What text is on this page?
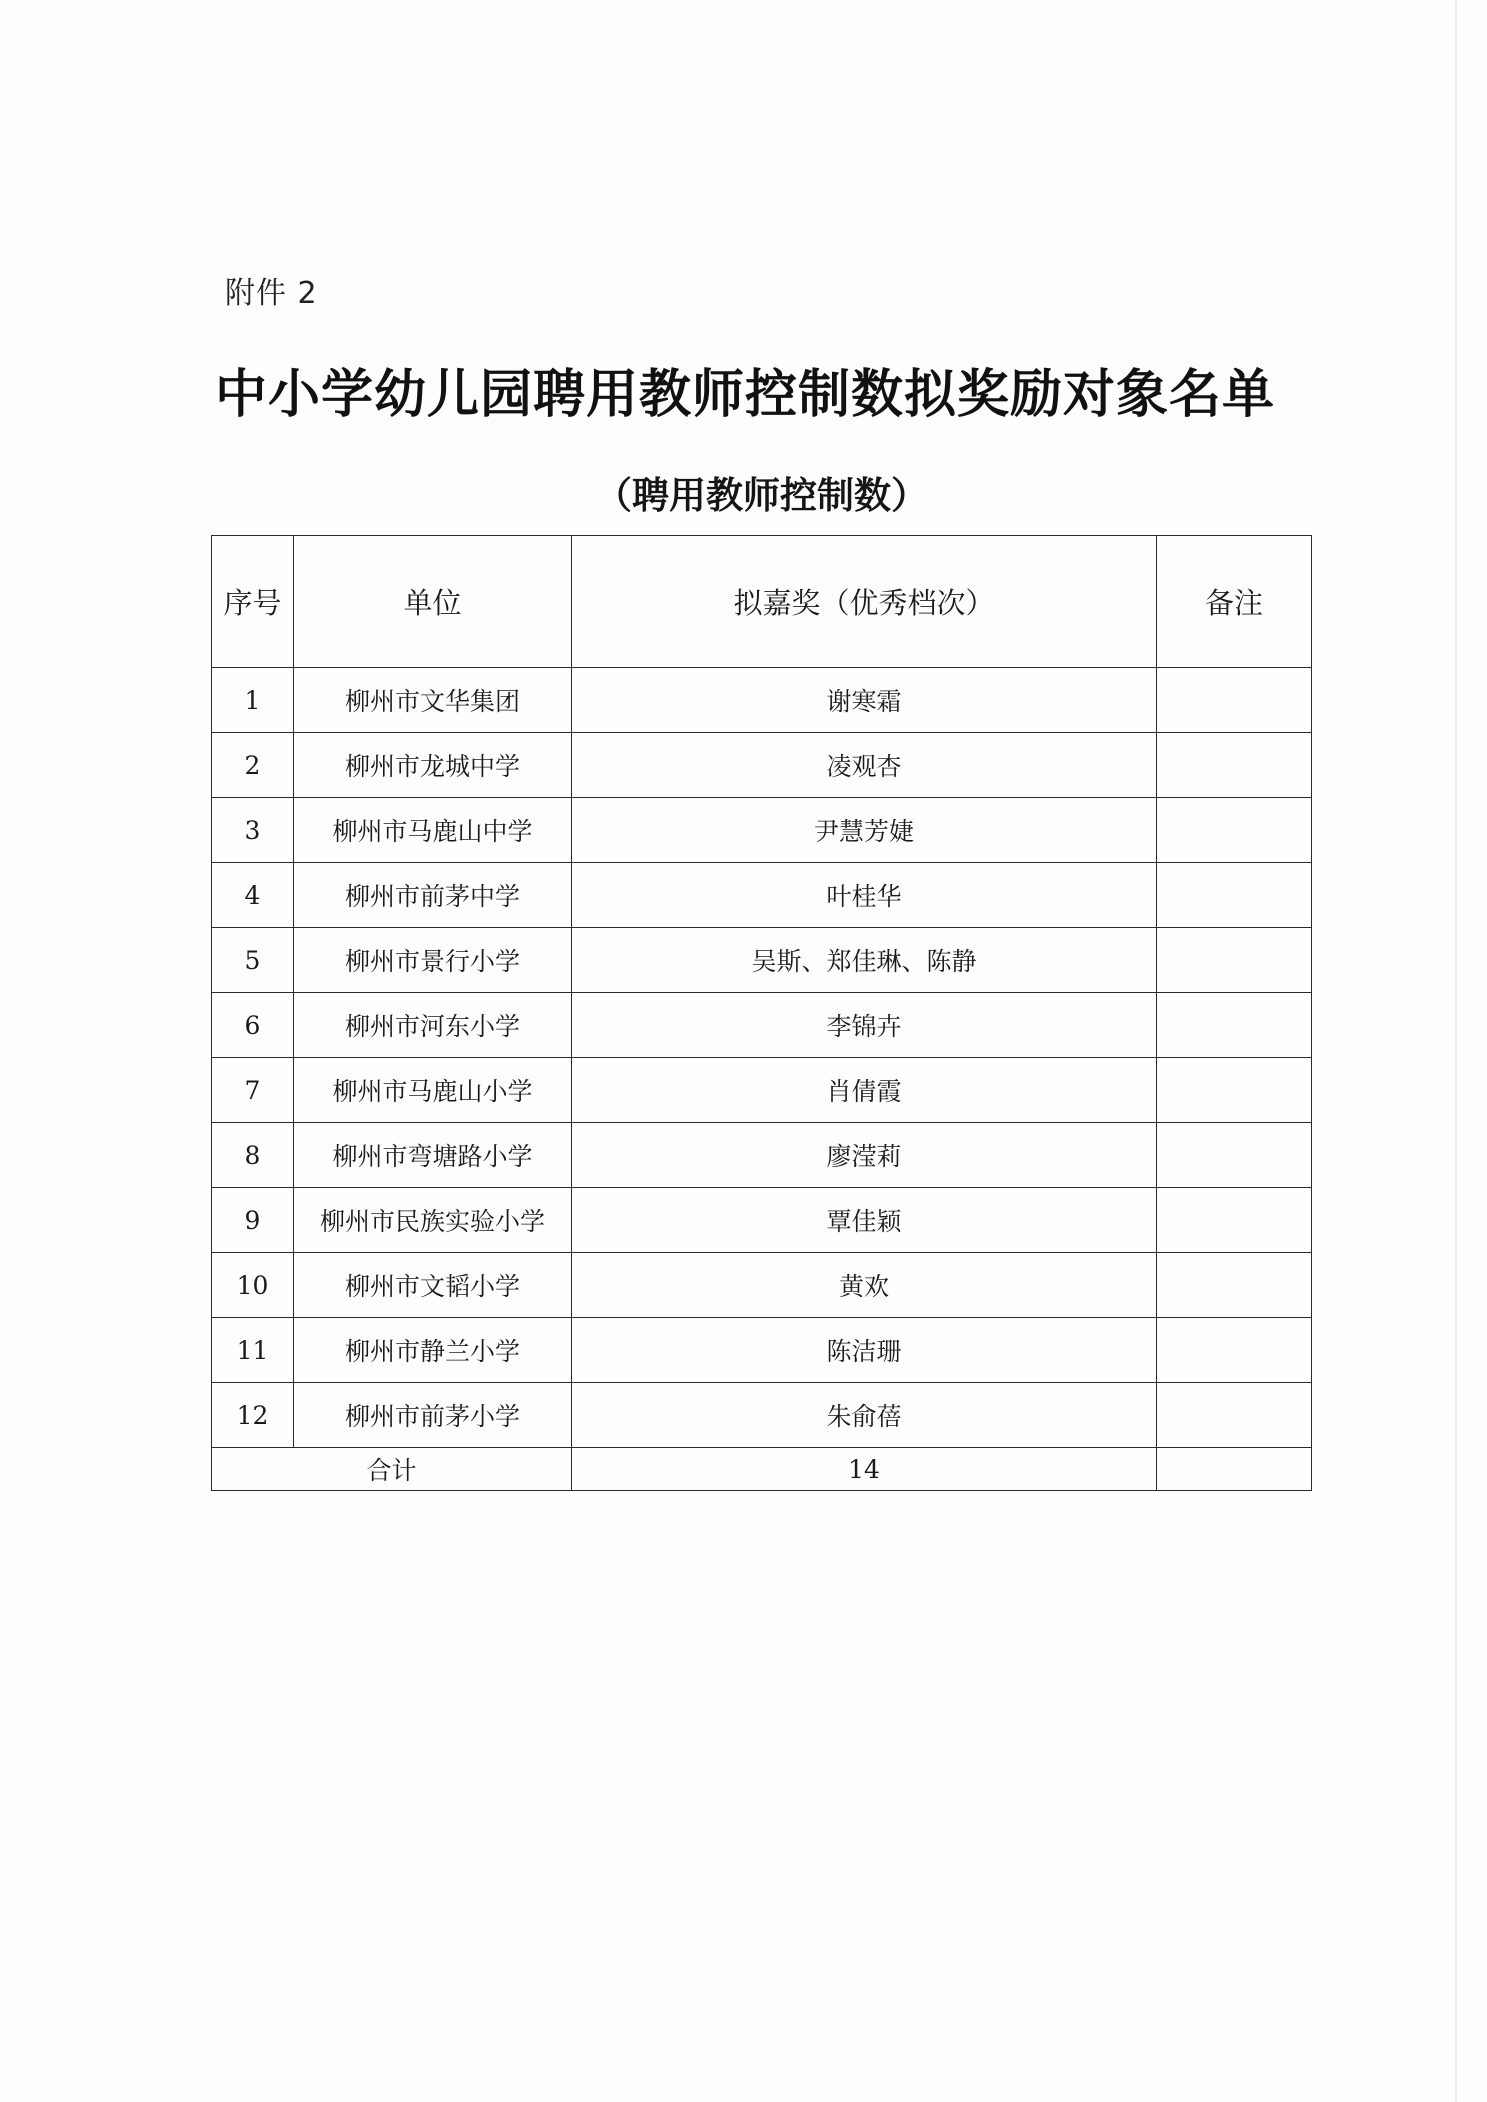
附件 2
中小学幼儿园聘用教师控制数拟奖励对象名单
（聘用教师控制数）
序号	单位	拟嘉奖（优秀档次）	备注
1	柳州市文华集团	谢寒霜	
2	柳州市龙城中学	凌观杏	
3	柳州市马鹿山中学	尹慧芳婕	
4	柳州市前茅中学	叶桂华	
5	柳州市景行小学	吴斯、郑佳琳、陈静	
6	柳州市河东小学	李锦卉	
7	柳州市马鹿山小学	肖倩霞	
8	柳州市弯塘路小学	廖滢莉	
9	柳州市民族实验小学	覃佳颖	
10	柳州市文韬小学	黄欢	
11	柳州市静兰小学	陈洁珊	
12	柳州市前茅小学	朱俞蓓	
合计		14	
